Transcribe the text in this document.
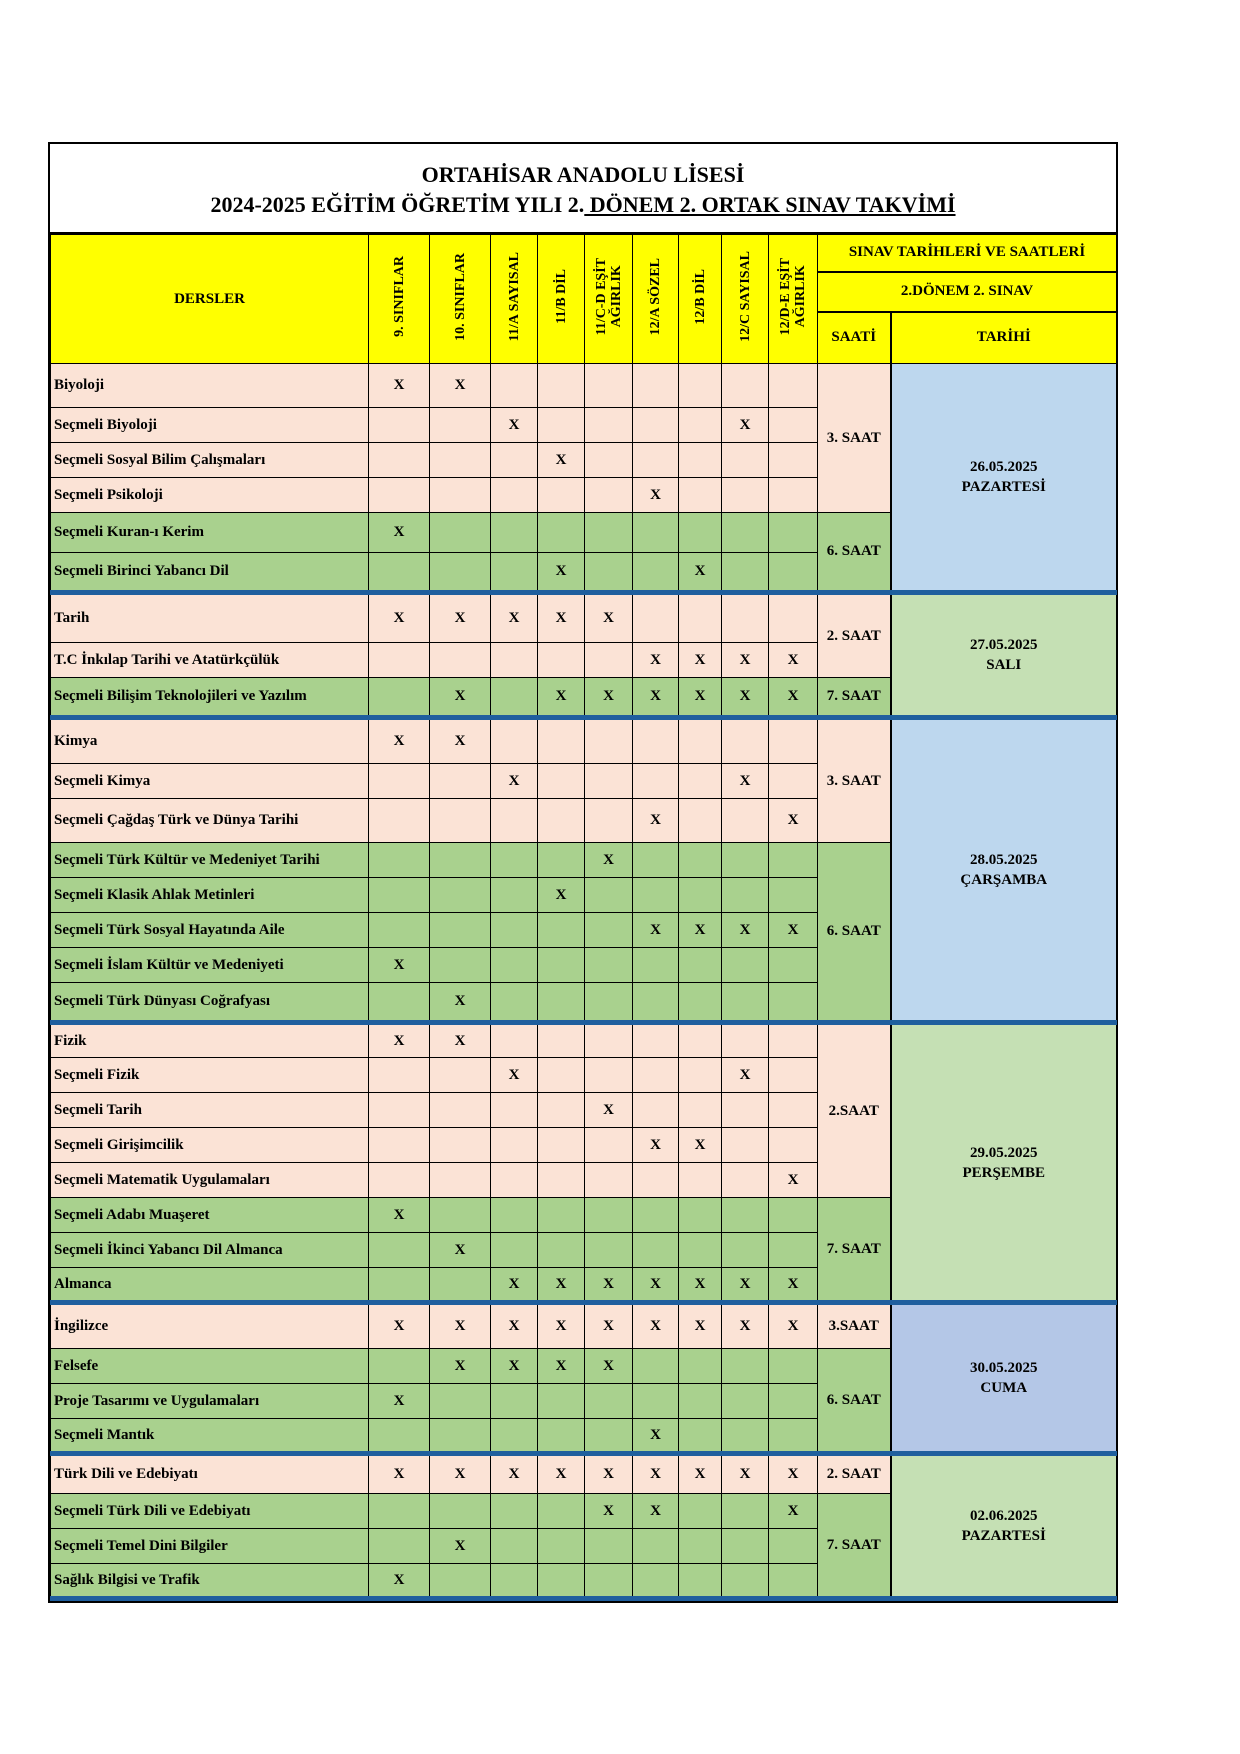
ORTAHİSAR ANADOLU LİSESİ
2024-2025 EĞİTİM ÖĞRETİM YILI 2. DÖNEM 2. ORTAK SINAV TAKVİMİ
DERSLER	9. SINIFLAR	10. SINIFLAR	11/A SAYISAL	11/B DİL	11/C-D EŞİT
AĞIRLIK	12/A SÖZEL	12/B DİL	12/C SAYISAL	12/D-E EŞİT
AĞIRLIK	SINAV TARİHLERİ VE SAATLERİ	
										2.DÖNEM 2. SINAV	
										SAATİ	TARİHİ
Biyoloji	X	X								3. SAAT	26.05.2025
PAZARTESİ

Seçmeli Biyoloji			X					X			
Seçmeli Sosyal Bilim Çalışmaları				X							
Seçmeli Psikoloji						X					
Seçmeli Kuran-ı Kerim	X									6. SAAT	
Seçmeli Birinci Yabancı Dil				X			X				
Tarih	X	X	X	X	X					2. SAAT	27.05.2025
SALI

T.C İnkılap Tarihi ve Atatürkçülük						X	X	X	X		
Seçmeli Bilişim Teknolojileri ve Yazılım		X		X	X	X	X	X	X	7. SAAT	
Kimya	X	X								3. SAAT	28.05.2025
ÇARŞAMBA

Seçmeli Kimya			X					X			
Seçmeli Çağdaş Türk ve Dünya Tarihi						X			X		
Seçmeli Türk Kültür ve Medeniyet Tarihi					X					6. SAAT	
Seçmeli Klasik Ahlak Metinleri				X							
Seçmeli Türk Sosyal Hayatında Aile						X	X	X	X		
Seçmeli İslam Kültür ve Medeniyeti	X										
Seçmeli Türk Dünyası Coğrafyası		X									
Fizik	X	X								2.SAAT	29.05.2025
PERŞEMBE

Seçmeli Fizik			X					X			
Seçmeli Tarih					X						
Seçmeli Girişimcilik						X	X				
Seçmeli Matematik Uygulamaları									X		
Seçmeli Adabı Muaşeret	X									7. SAAT	
Seçmeli İkinci Yabancı Dil Almanca		X									
Almanca			X	X	X	X	X	X	X		
İngilizce	X	X	X	X	X	X	X	X	X	3.SAAT	30.05.2025
CUMA

Felsefe		X	X	X	X					6. SAAT	
Proje Tasarımı ve Uygulamaları	X										
Seçmeli Mantık						X					
Türk Dili ve Edebiyatı	X	X	X	X	X	X	X	X	X	2. SAAT	02.06.2025
PAZARTESİ

Seçmeli Türk Dili ve Edebiyatı					X	X			X	7. SAAT	
Seçmeli Temel Dini Bilgiler		X									
Sağlık Bilgisi ve Trafik	X										
